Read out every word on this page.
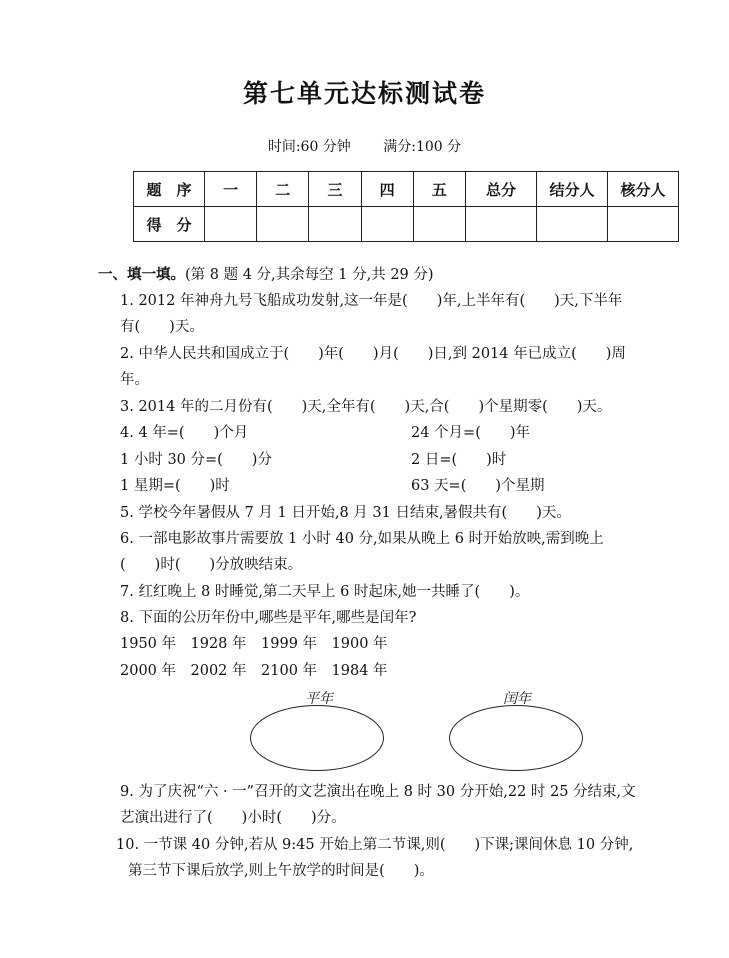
第七单元达标测试卷
时间:60 分钟 满分:100 分
题　序	一	二	三	四	五	总分	结分人	核分人
得　分								
一、填一填。(第 8 题 4 分,其余每空 1 分,共 29 分)
1. 2012 年神舟九号飞船成功发射,这一年是(　　)年,上半年有(　　)天,下半年
有(　　)天。
2. 中华人民共和国成立于(　　)年(　　)月(　　)日,到 2014 年已成立(　　)周
年。
3. 2014 年的二月份有(　　)天,全年有(　　)天,合(　　)个星期零(　　)天。
4. 4 年=(　　)个月	24 个月=(　　)年
1 小时 30 分=(　　)分	2 日=(　　)时
1 星期=(　　)时	63 天=(　　)个星期
5. 学校今年暑假从 7 月 1 日开始,8 月 31 日结束,暑假共有(　　)天。
6. 一部电影故事片需要放 1 小时 40 分,如果从晚上 6 时开始放映,需到晚上
(　　)时(　　)分放映结束。
7. 红红晚上 8 时睡觉,第二天早上 6 时起床,她一共睡了(　　)。
8. 下面的公历年份中,哪些是平年,哪些是闰年?
1950 年　1928 年　1999 年　1900 年
2000 年　2002 年　2100 年　1984 年
平年	闰年
9. 为了庆祝“六 · 一”召开的文艺演出在晚上 8 时 30 分开始,22 时 25 分结束,文
艺演出进行了(　　)小时(　　)分。
10. 一节课 40 分钟,若从 9:45 开始上第二节课,则(　　)下课;课间休息 10 分钟,
第三节下课后放学,则上午放学的时间是(　　)。
